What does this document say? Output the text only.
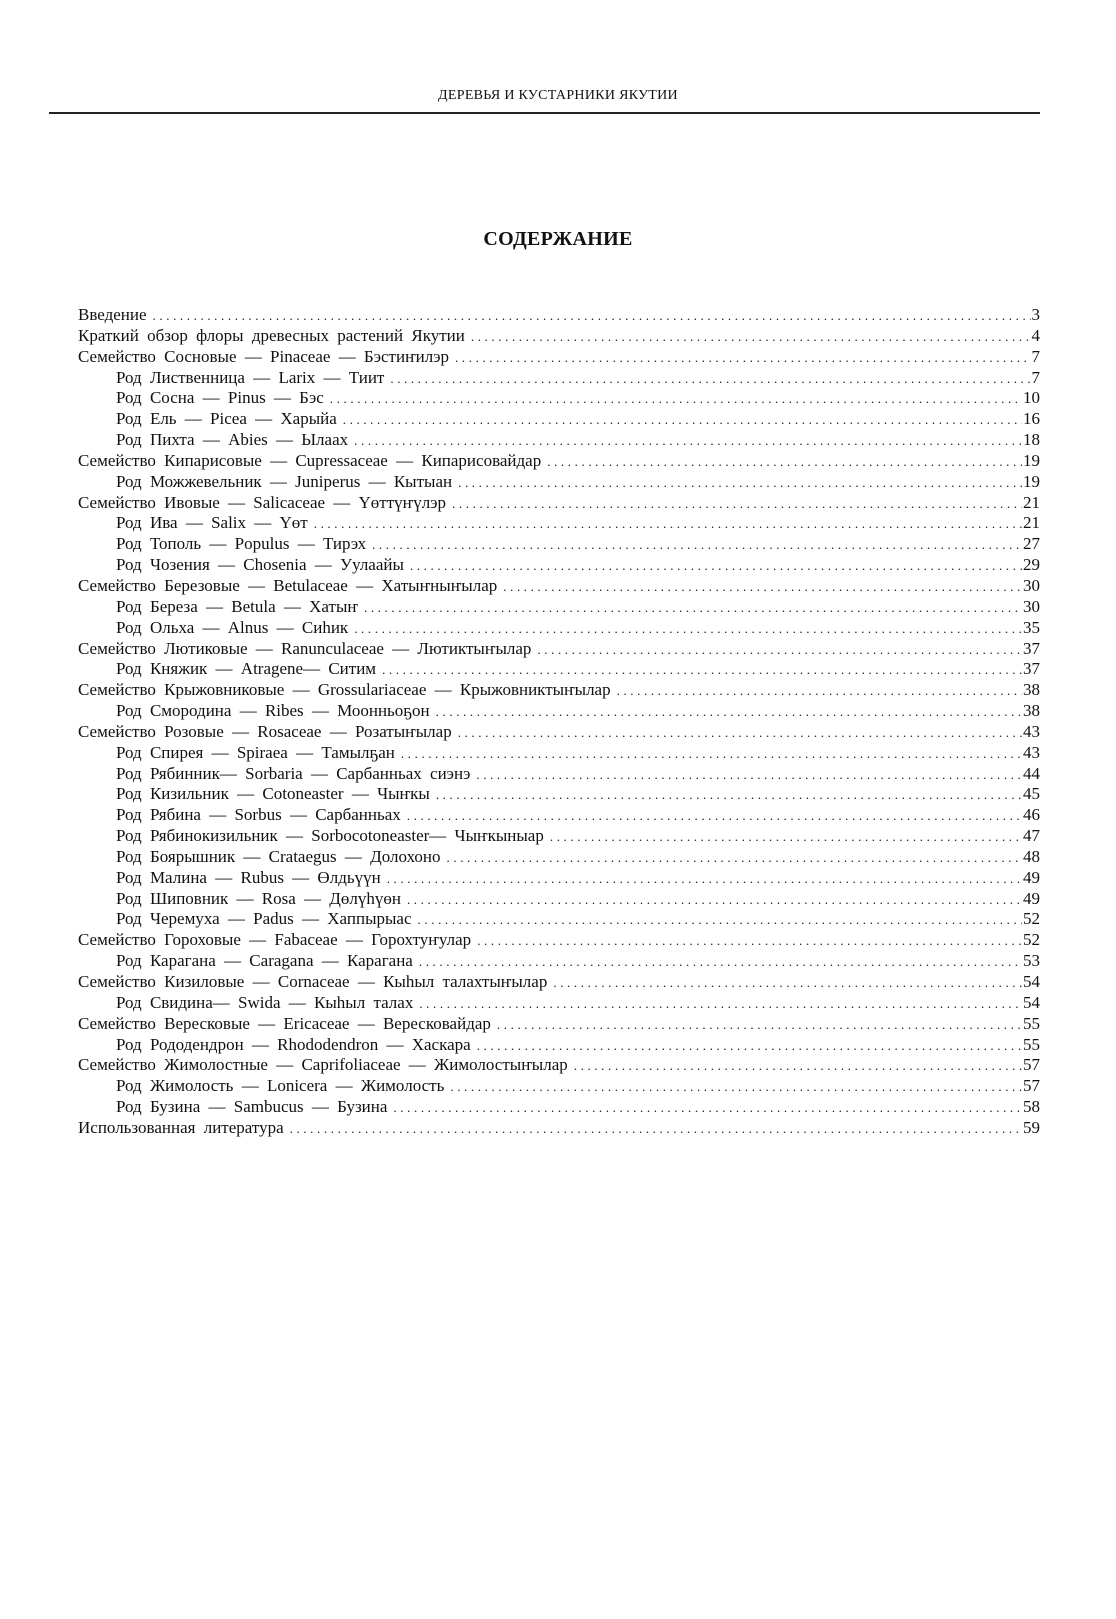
ДЕРЕВЬЯ И КУСТАРНИКИ ЯКУТИИ
СОДЕРЖАНИЕ
Введение .....	3
Краткий обзор флоры древесных растений Якутии .....	4
Семейство Сосновые — Pinaceae — Бэстиҥилэр .....	7
Род Лиственница — Larix — Тиит .....	7
Род Сосна — Pinus — Бэс .....	10
Род Ель — Picea — Харыйа .....	16
Род Пихта — Abies — Ылаах .....	18
Семейство Кипарисовые — Cupressaceae — Кипарисовайдар .....	19
Род Можжевельник — Juniperus — Кытыан .....	19
Семейство Ивовые — Salicaceae — Үөттүҥүлэр .....	21
Род Ива — Salix — Үөт .....	21
Род Тополь — Populus — Тирэх .....	27
Род Чозения — Chosenia — Уулаайы .....	29
Семейство Березовые — Betulaceae — Хатыҥныҥылар .....	30
Род Береза — Betula — Хатыҥ .....	30
Род Ольха — Alnus — Сиһик .....	35
Семейство Лютиковые — Ranunculaceae — Лютиктыҥылар .....	37
Род Княжик — Atragene— Ситим .....	37
Семейство Крыжовниковые — Grossulariaceae — Крыжовниктыҥылар .....	38
Род Смородина — Ribes — Моонньоҕон .....	38
Семейство Розовые — Rosaceae — Розатыҥылар .....	43
Род Спирея — Spiraea — Тамылҕан .....	43
Род Рябинник— Sorbaria — Сарбанньах сиэнэ .....	44
Род Кизильник — Cotoneaster — Чыҥкы .....	45
Род Рябина — Sorbus — Сарбанньах .....	46
Род Рябинокизильник — Sorbocotoneaster— Чыҥкыныар .....	47
Род Боярышник — Crataegus — Долохоно .....	48
Род Малина — Rubus — Өлдьүүн .....	49
Род Шиповник — Rosa — Дөлүһүөн .....	49
Род Черемуха — Padus — Хаппырыас .....	52
Семейство Гороховые — Fabaceae — Горохтуҥулар .....	52
Род Карагана — Caragana — Карагана .....	53
Семейство Кизиловые — Cornaceae — Кыһыл талахтыҥылар .....	54
Род Свидина— Swida — Кыһыл талах .....	54
Семейство Вересковые — Ericaceae — Вересковайдар .....	55
Род Рододендрон — Rhododendron — Хаскара .....	55
Семейство Жимолостные — Caprifoliaceae — Жимолостыҥылар .....	57
Род Жимолость — Lonicera — Жимолость .....	57
Род Бузина — Sambucus — Бузина .....	58
Использованная литература .....	59
